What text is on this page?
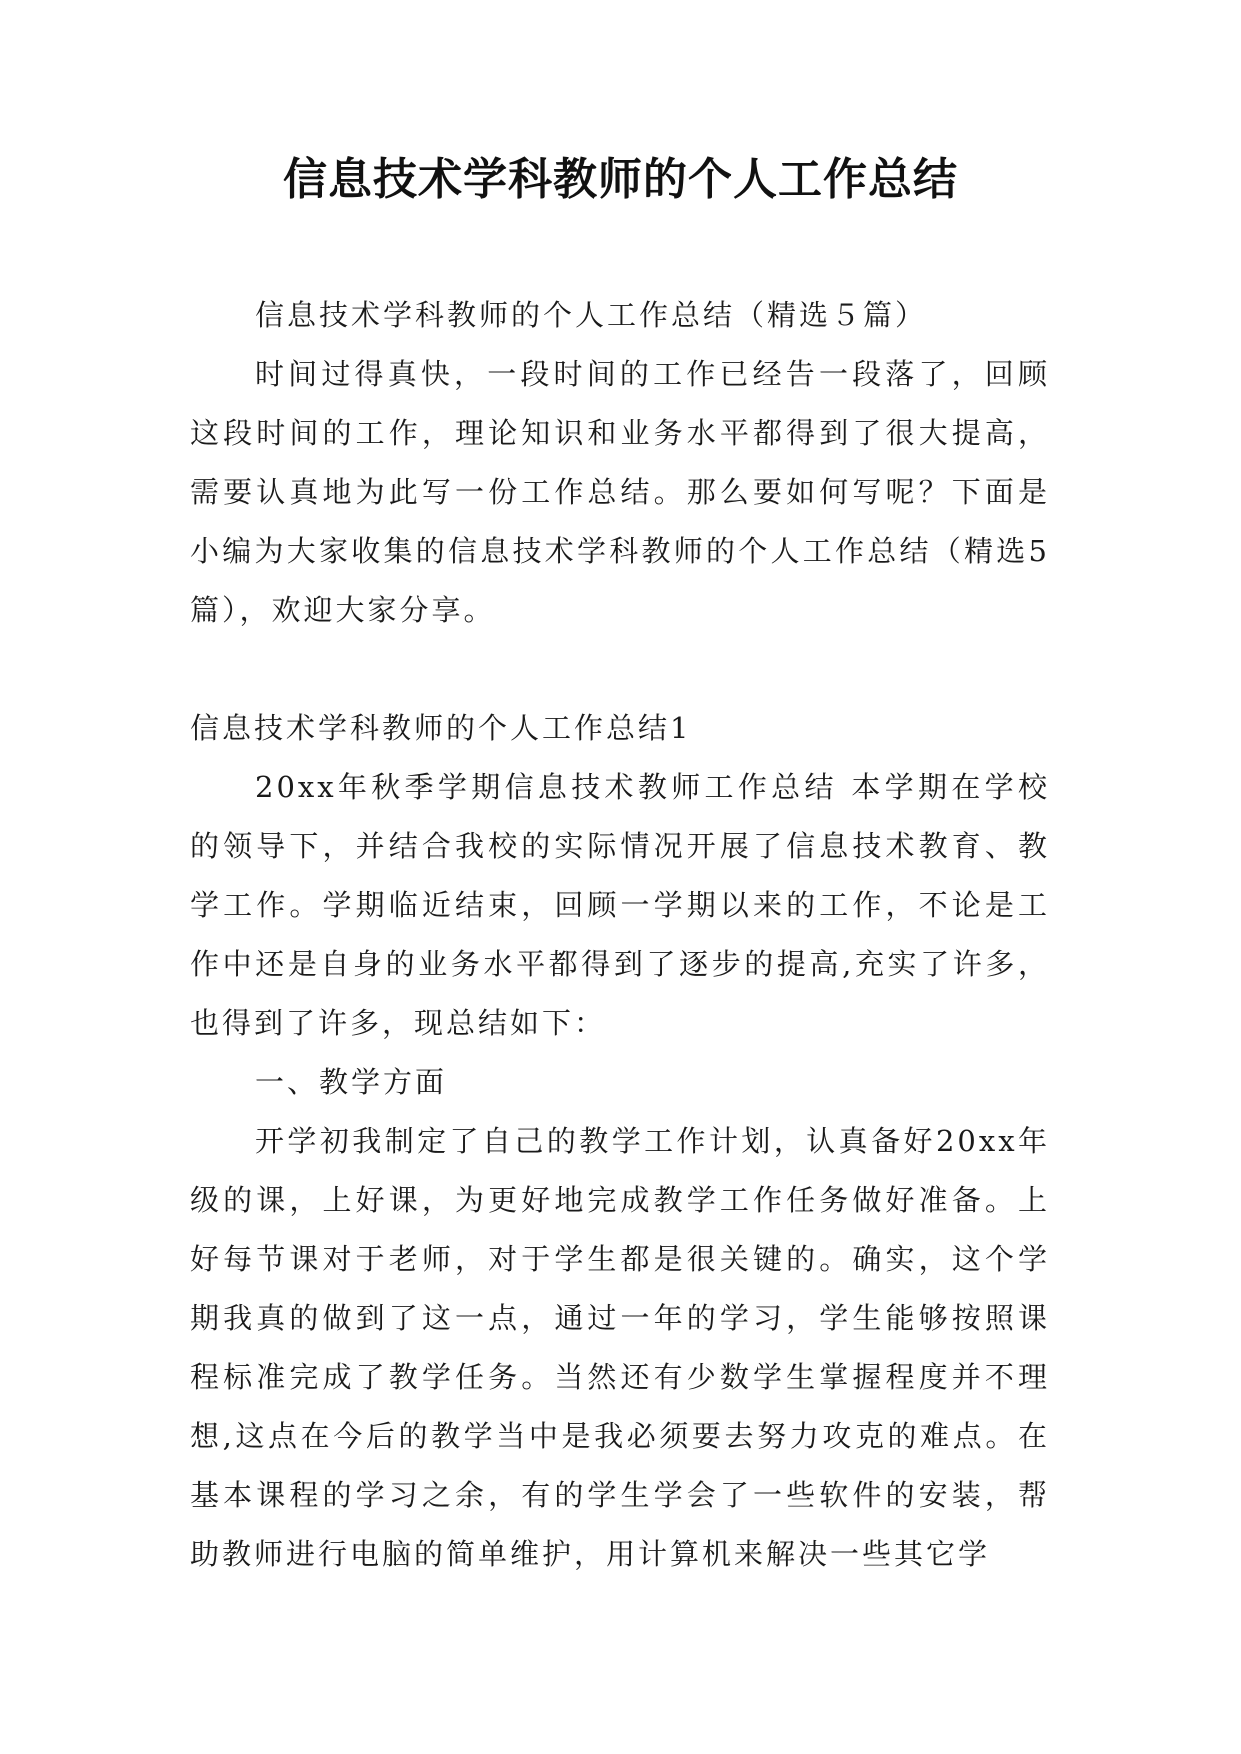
信息技术学科教师的个人工作总结

信息技术学科教师的个人工作总结（精选５篇）

时间过得真快，一段时间的工作已经告一段落了，回顾这段时间的工作，理论知识和业务水平都得到了很大提高，需要认真地为此写一份工作总结。那么要如何写呢？下面是小编为大家收集的信息技术学科教师的个人工作总结（精选5篇），欢迎大家分享。

信息技术学科教师的个人工作总结1

20xx年秋季学期信息技术教师工作总结 本学期在学校的领导下，并结合我校的实际情况开展了信息技术教育、教学工作。学期临近结束，回顾一学期以来的工作，不论是工作中还是自身的业务水平都得到了逐步的提高,充实了许多，也得到了许多，现总结如下：

一、教学方面

开学初我制定了自己的教学工作计划，认真备好20xx年级的课，上好课，为更好地完成教学工作任务做好准备。上好每节课对于老师，对于学生都是很关键的。确实，这个学期我真的做到了这一点，通过一年的学习，学生能够按照课程标准完成了教学任务。当然还有少数学生掌握程度并不理想,这点在今后的教学当中是我必须要去努力攻克的难点。在基本课程的学习之余，有的学生学会了一些软件的安装，帮助教师进行电脑的简单维护，用计算机来解决一些其它学
